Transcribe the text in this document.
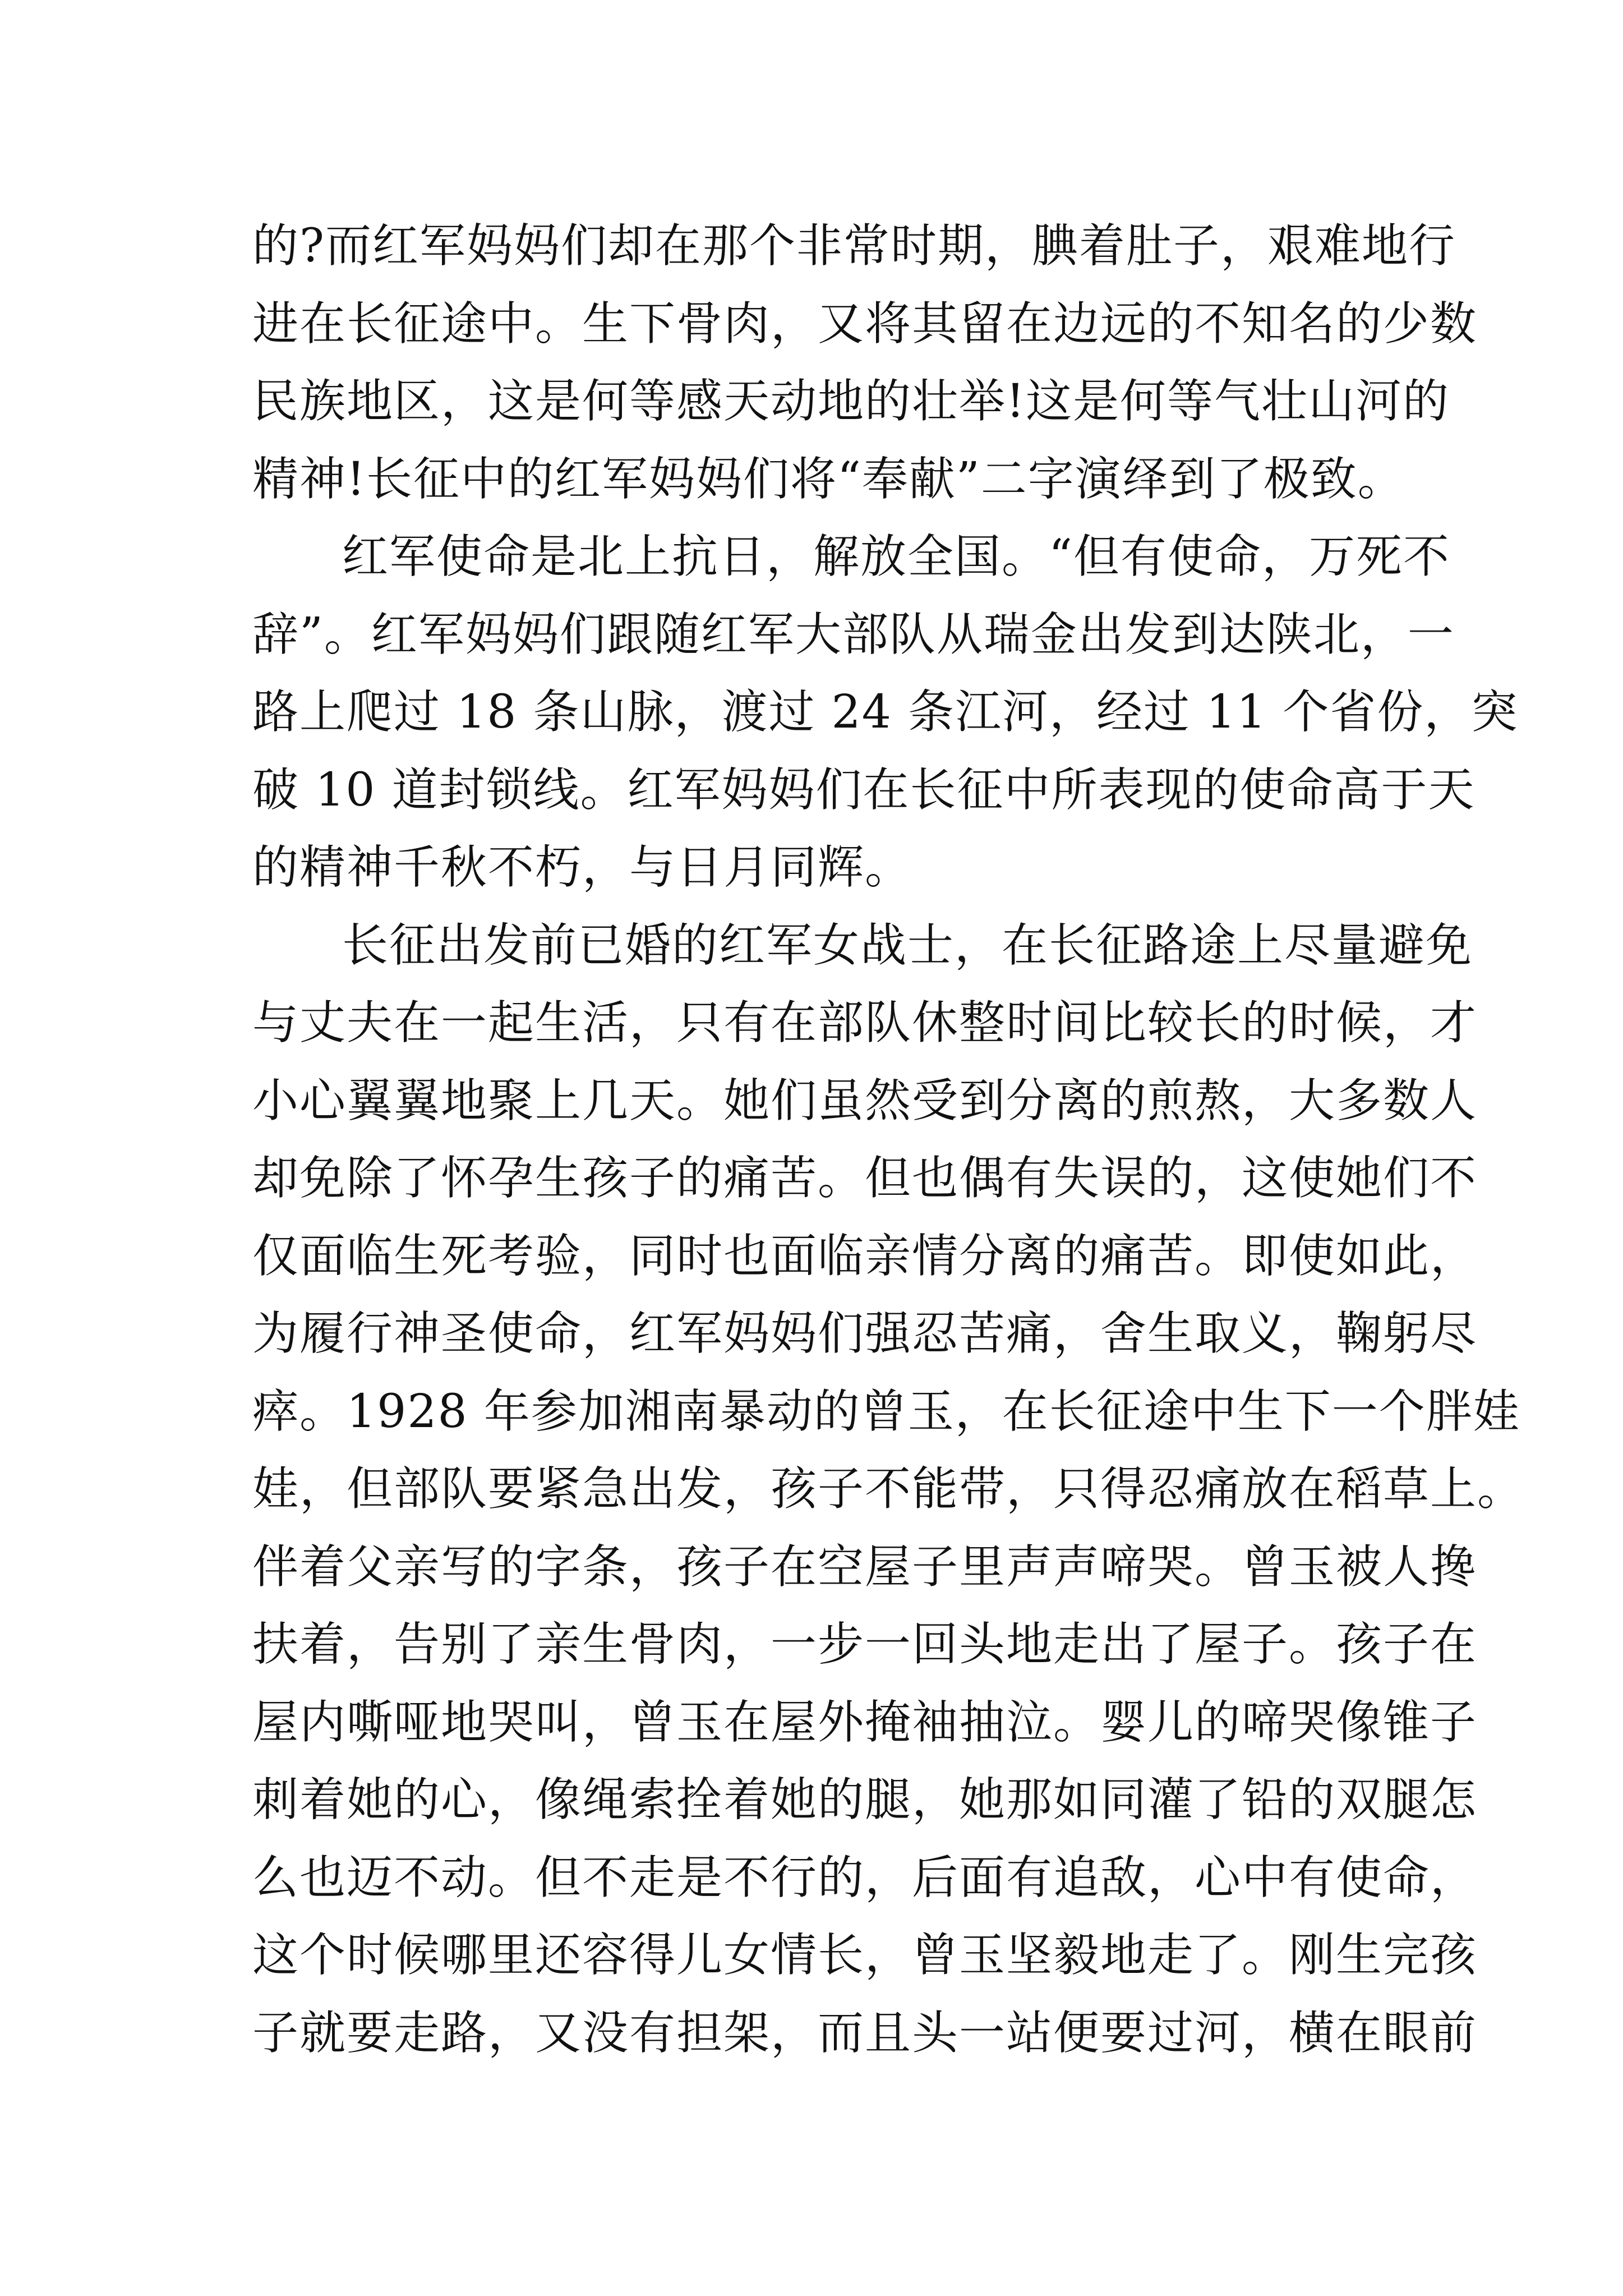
的?而红军妈妈们却在那个非常时期，腆着肚子，艰难地行
进在长征途中。生下骨肉，又将其留在边远的不知名的少数
民族地区，这是何等感天动地的壮举!这是何等气壮山河的
精神!长征中的红军妈妈们将“奉献”二字演绎到了极致。
红军使命是北上抗日，解放全国。“但有使命，万死不
辞”。红军妈妈们跟随红军大部队从瑞金出发到达陕北，一
路上爬过 18 条山脉，渡过 24 条江河，经过 11 个省份，突
破 10 道封锁线。红军妈妈们在长征中所表现的使命高于天
的精神千秋不朽，与日月同辉。
长征出发前已婚的红军女战士，在长征路途上尽量避免
与丈夫在一起生活，只有在部队休整时间比较长的时候，才
小心翼翼地聚上几天。她们虽然受到分离的煎熬，大多数人
却免除了怀孕生孩子的痛苦。但也偶有失误的，这使她们不
仅面临生死考验，同时也面临亲情分离的痛苦。即使如此，
为履行神圣使命，红军妈妈们强忍苦痛，舍生取义，鞠躬尽
瘁。1928 年参加湘南暴动的曾玉，在长征途中生下一个胖娃
娃，但部队要紧急出发，孩子不能带，只得忍痛放在稻草上。
伴着父亲写的字条，孩子在空屋子里声声啼哭。曾玉被人搀
扶着，告别了亲生骨肉，一步一回头地走出了屋子。孩子在
屋内嘶哑地哭叫，曾玉在屋外掩袖抽泣。婴儿的啼哭像锥子
刺着她的心，像绳索拴着她的腿，她那如同灌了铅的双腿怎
么也迈不动。但不走是不行的，后面有追敌，心中有使命，
这个时候哪里还容得儿女情长，曾玉坚毅地走了。刚生完孩
子就要走路，又没有担架，而且头一站便要过河，横在眼前
